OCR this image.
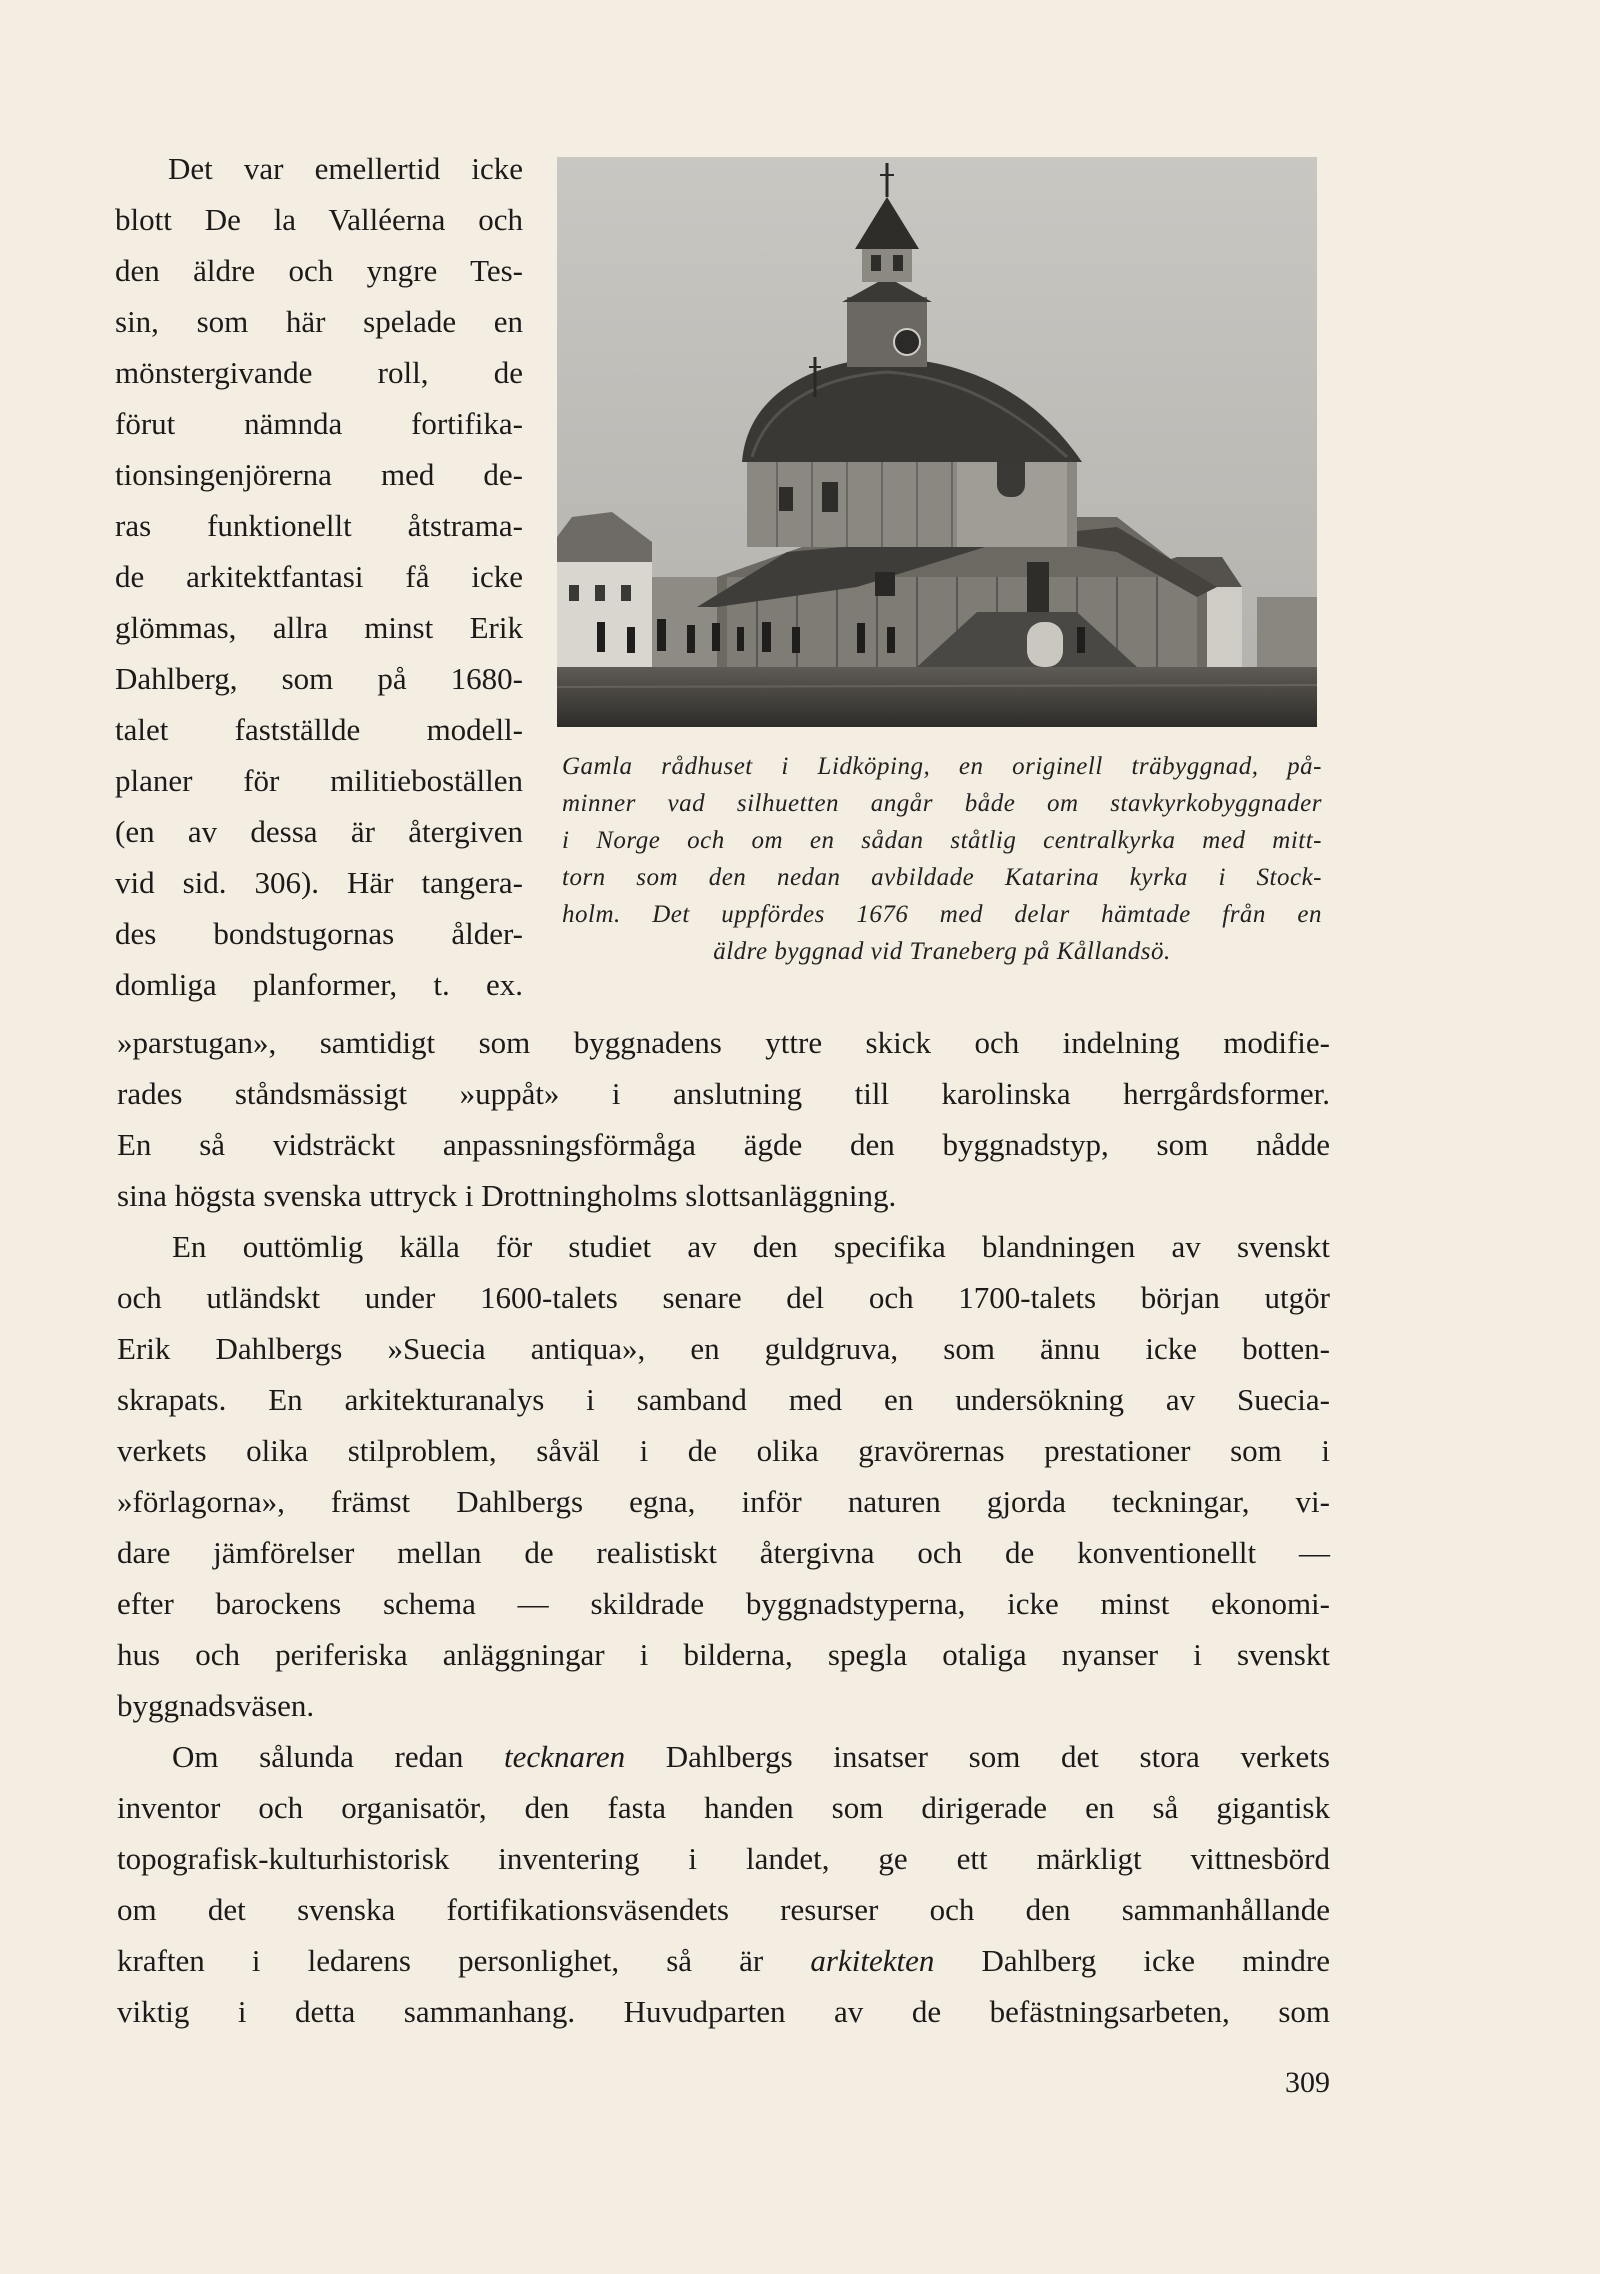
Det var emellertid icke
blott De la Valléerna och
den äldre och yngre Tes-
sin, som här spelade en
mönstergivande roll, de
förut nämnda fortifika-
tionsingenjörerna med de-
ras funktionellt åtstrama-
de arkitektfantasi få icke
glömmas, allra minst Erik
Dahlberg, som på 1680-
talet fastställde modell-
planer för militieboställen
(en av dessa är återgiven
vid sid. 306). Här tangera-
des bondstugornas ålder-
domliga planformer, t. ex.
Gamla rådhuset i Lidköping, en originell träbyggnad, på-
minner vad silhuetten angår både om stavkyrkobyggnader
i Norge och om en sådan ståtlig centralkyrka med mitt-
torn som den nedan avbildade Katarina kyrka i Stock-
holm. Det uppfördes 1676 med delar hämtade från en
äldre byggnad vid Traneberg på Kållandsö.
»parstugan», samtidigt som byggnadens yttre skick och indelning modifie-
rades ståndsmässigt »uppåt» i anslutning till karolinska herrgårdsformer.
En så vidsträckt anpassningsförmåga ägde den byggnadstyp, som nådde
sina högsta svenska uttryck i Drottningholms slottsanläggning.
En outtömlig källa för studiet av den specifika blandningen av svenskt
och utländskt under 1600-talets senare del och 1700-talets början utgör
Erik Dahlbergs »Suecia antiqua», en guldgruva, som ännu icke botten-
skrapats. En arkitekturanalys i samband med en undersökning av Suecia-
verkets olika stilproblem, såväl i de olika gravörernas prestationer som i
»förlagorna», främst Dahlbergs egna, inför naturen gjorda teckningar, vi-
dare jämförelser mellan de realistiskt återgivna och de konventionellt —
efter barockens schema — skildrade byggnadstyperna, icke minst ekonomi-
hus och periferiska anläggningar i bilderna, spegla otaliga nyanser i svenskt
byggnadsväsen.
Om sålunda redan tecknaren Dahlbergs insatser som det stora verkets
inventor och organisatör, den fasta handen som dirigerade en så gigantisk
topografisk-kulturhistorisk inventering i landet, ge ett märkligt vittnesbörd
om det svenska fortifikationsväsendets resurser och den sammanhållande
kraften i ledarens personlighet, så är arkitekten Dahlberg icke mindre
viktig i detta sammanhang. Huvudparten av de befästningsarbeten, som
309
